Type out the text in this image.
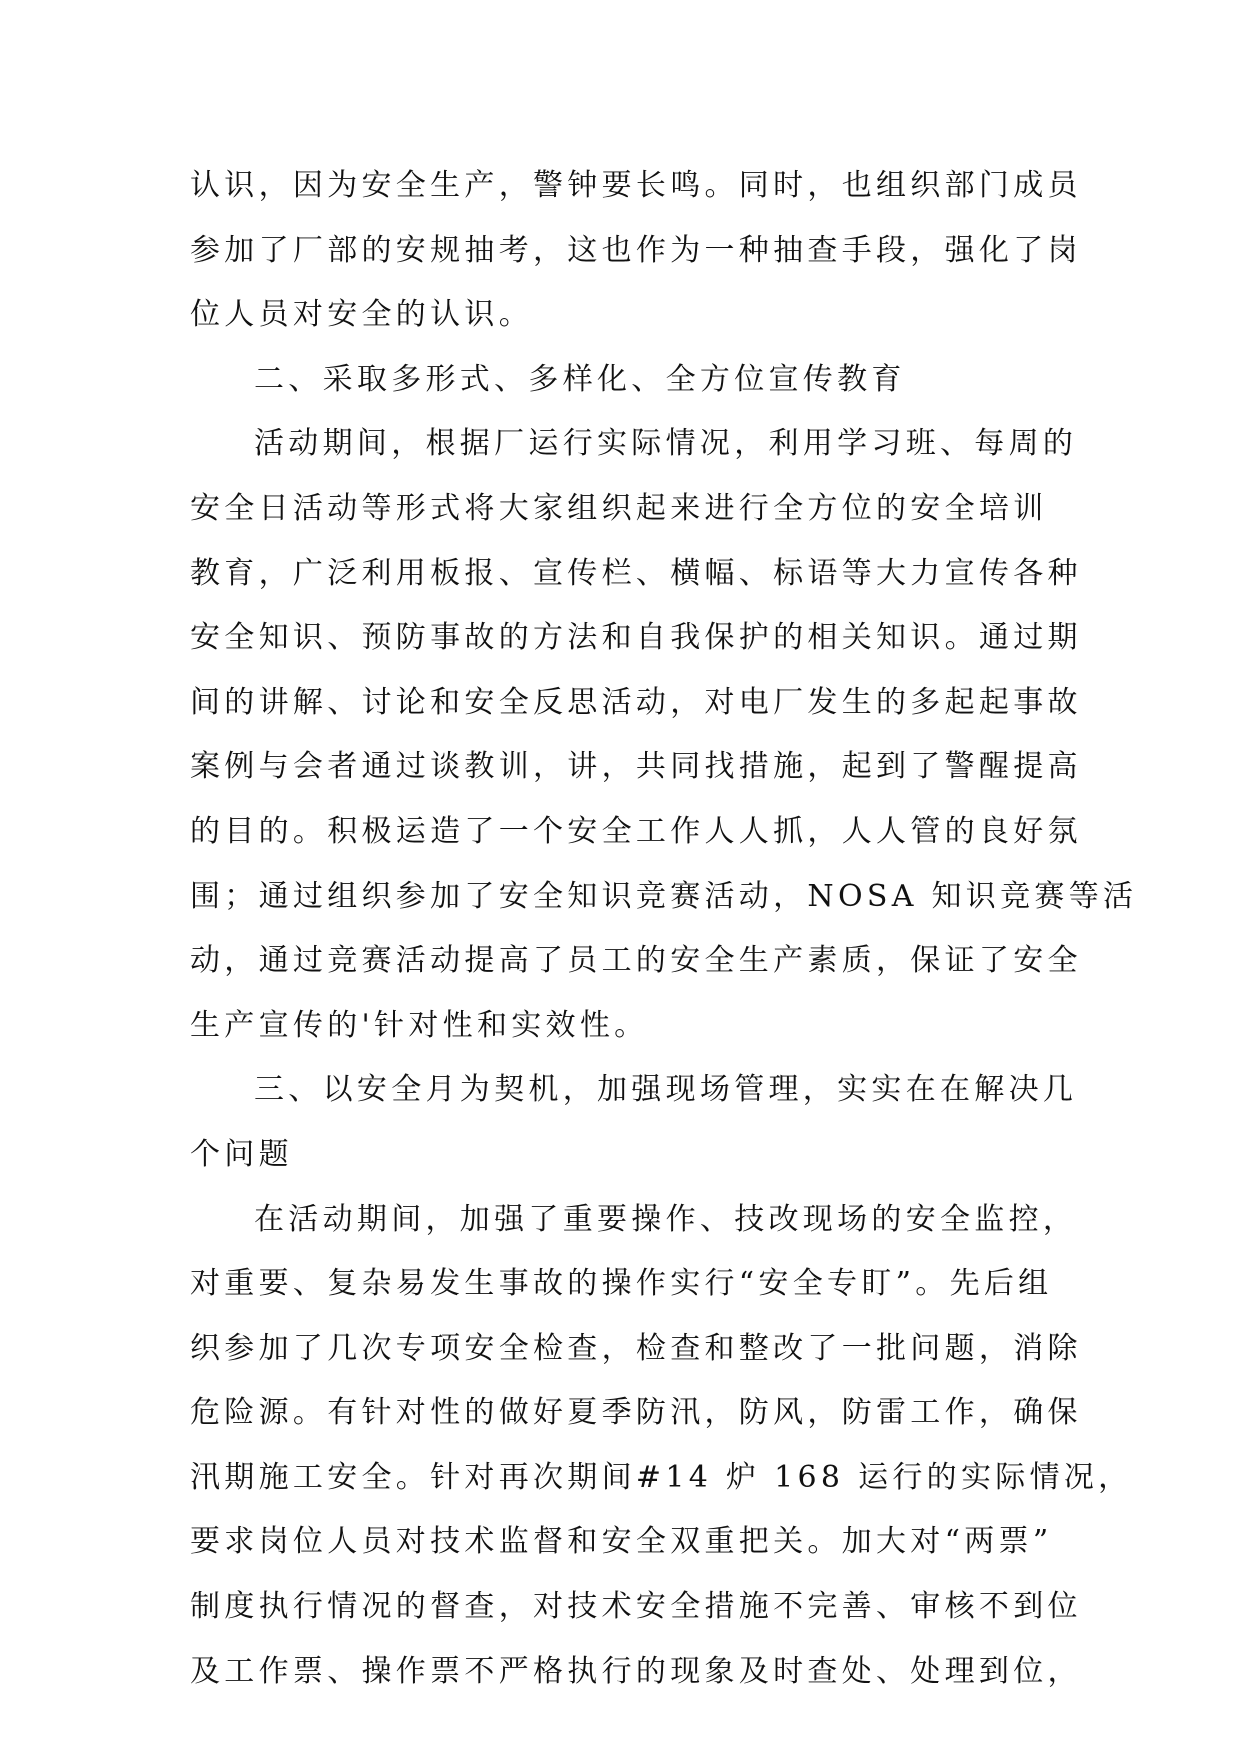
认识，因为安全生产，警钟要长鸣。同时，也组织部门成员
参加了厂部的安规抽考，这也作为一种抽查手段，强化了岗
位人员对安全的认识。
二、采取多形式、多样化、全方位宣传教育
活动期间，根据厂运行实际情况，利用学习班、每周的
安全日活动等形式将大家组织起来进行全方位的安全培训
教育，广泛利用板报、宣传栏、横幅、标语等大力宣传各种
安全知识、预防事故的方法和自我保护的相关知识。通过期
间的讲解、讨论和安全反思活动，对电厂发生的多起起事故
案例与会者通过谈教训，讲，共同找措施，起到了警醒提高
的目的。积极运造了一个安全工作人人抓，人人管的良好氛
围；通过组织参加了安全知识竞赛活动，NOSA 知识竞赛等活
动，通过竞赛活动提高了员工的安全生产素质，保证了安全
生产宣传的'针对性和实效性。
三、以安全月为契机，加强现场管理，实实在在解决几
个问题
在活动期间，加强了重要操作、技改现场的安全监控，
对重要、复杂易发生事故的操作实行“安全专盯”。先后组
织参加了几次专项安全检查，检查和整改了一批问题，消除
危险源。有针对性的做好夏季防汛，防风，防雷工作，确保
汛期施工安全。针对再次期间#14 炉 168 运行的实际情况，
要求岗位人员对技术监督和安全双重把关。加大对“两票”
制度执行情况的督查，对技术安全措施不完善、审核不到位
及工作票、操作票不严格执行的现象及时查处、处理到位，
